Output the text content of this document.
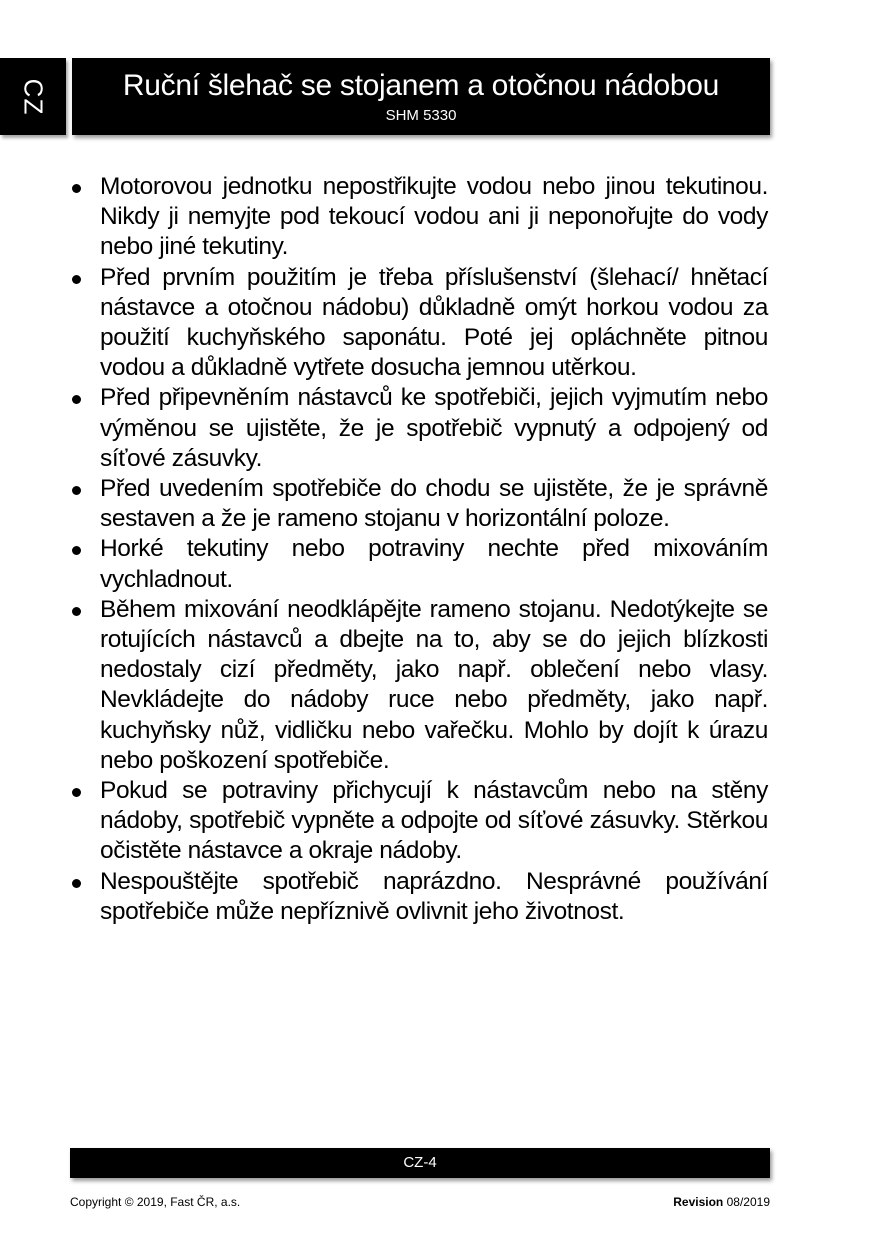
CZ	Ruční šlehač se stojanem a otočnou nádobou
SHM 5330
Motorovou jednotku nepostřikujte vodou nebo jinou tekutinou. Nikdy ji nemyjte pod tekoucí vodou ani ji neponořujte do vody nebo jiné tekutiny.
Před prvním použitím je třeba příslušenství (šlehací/ hnětací nástavce a otočnou nádobu) důkladně omýt horkou vodou za použití kuchyňského saponátu. Poté jej opláchněte pitnou vodou a důkladně vytřete dosucha jemnou utěrkou.
Před připevněním nástavců ke spotřebiči, jejich vyjmutím nebo výměnou se ujistěte, že je spotřebič vypnutý a odpojený od síťové zásuvky.
Před uvedením spotřebiče do chodu se ujistěte, že je správně sestaven a že je rameno stojanu v horizontální poloze.
Horké tekutiny nebo potraviny nechte před mixováním vychladnout.
Během mixování neodklápějte rameno stojanu. Nedotýkejte se rotujících nástavců a dbejte na to, aby se do jejich blízkosti nedostaly cizí předměty, jako např. oblečení nebo vlasy. Nevkládejte do nádoby ruce nebo předměty, jako např. kuchyňsky nůž, vidličku nebo vařečku. Mohlo by dojít k úrazu nebo poškození spotřebiče.
Pokud se potraviny přichycují k nástavcům nebo na stěny nádoby, spotřebič vypněte a odpojte od síťové zásuvky. Stěrkou očistěte nástavce a okraje nádoby.
Nespouštějte spotřebič naprázdno. Nesprávné používání spotřebiče může nepříznivě ovlivnit jeho životnost.
CZ-4
Copyright © 2019, Fast ČR, a.s.	Revision 08/2019
